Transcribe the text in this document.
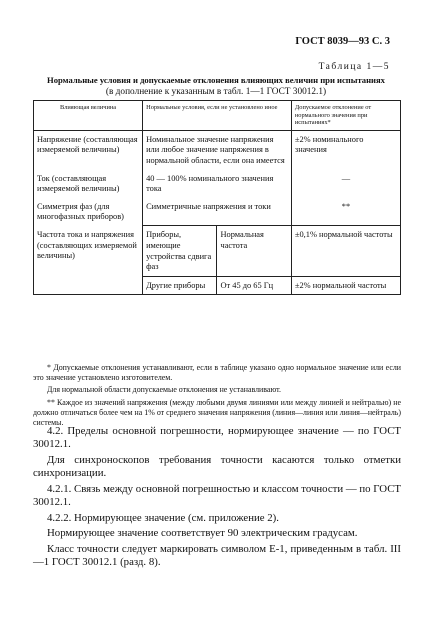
ГОСТ 8039—93 С. 3
Таблица 1—5
Нормальные условия и допускаемые отклонения влияющих величин при испытаниях
(в дополнение к указанным в табл. 1—1 ГОСТ 30012.1)
Влияющая величина	Нормальные условия, если не установлено иное		Допускаемое отклонение от нормального значения при испытаниях*
Напряжение (составляющая измеряемой величины)	Номинальное значение напряжения или любое значение напряжения в нормальной области, если она имеется		±2% номинального значения
Ток (составляющая измеряемой величины)	40 — 100% номинального значения тока		—
Симметрия фаз (для многофазных приборов)	Симметричные напряжения и токи		**
Частота тока и напряжения (составляющих измеряемой величины)	Приборы, имеющие устройства сдвига фаз	Нормальная частота	±0,1% нормальной частоты
	Другие приборы	От 45 до 65 Гц	±2% нормальной частоты

* Допускаемые отклонения устанавливают, если в таблице указано одно нормальное значение или если это значение установлено изготовителем.

Для нормальной области допускаемые отклонения не устанавливают.

** Каждое из значений напряжения (между любыми двумя линиями или между линией и нейтралью) не должно отличаться более чем на 1% от среднего значения напряжения (линия—линия или линия—нейтраль) системы.

4.2. Пределы основной погрешности, нормирующее значение — по ГОСТ 30012.1.

Для синхроноскопов требования точности касаются только отметки синхронизации.

4.2.1. Связь между основной погрешностью и классом точности — по ГОСТ 30012.1.

4.2.2. Нормирующее значение (см. приложение 2).

Нормирующее значение соответствует 90 электрическим градусам.

Класс точности следует маркировать символом Е-1, приведенным в табл. III—1 ГОСТ 30012.1 (разд. 8).
